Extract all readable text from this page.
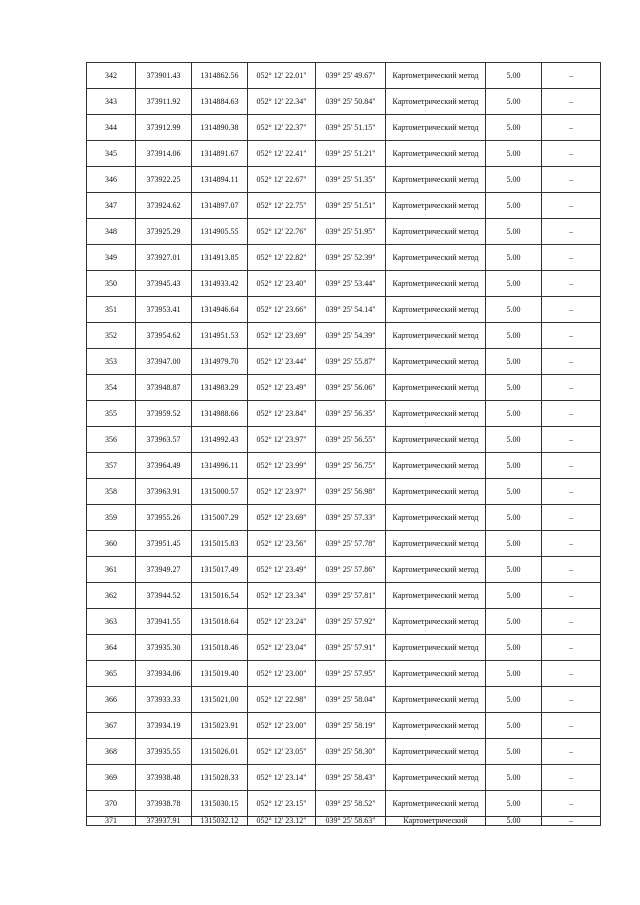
342	373901.43	1314862.56	052° 12' 22.01"	039° 25' 49.67"	Картометрический метод	5.00	–
343	373911.92	1314884.63	052° 12' 22.34"	039° 25' 50.84"	Картометрический метод	5.00	–
344	373912.99	1314890.38	052° 12' 22.37"	039° 25' 51.15"	Картометрический метод	5.00	–
345	373914.06	1314891.67	052° 12' 22.41"	039° 25' 51.21"	Картометрический метод	5.00	–
346	373922.25	1314894.11	052° 12' 22.67"	039° 25' 51.35"	Картометрический метод	5.00	–
347	373924.62	1314897.07	052° 12' 22.75"	039° 25' 51.51"	Картометрический метод	5.00	–
348	373925.29	1314905.55	052° 12' 22.76"	039° 25' 51.95"	Картометрический метод	5.00	–
349	373927.01	1314913.85	052° 12' 22.82"	039° 25' 52.39"	Картометрический метод	5.00	–
350	373945.43	1314933.42	052° 12' 23.40"	039° 25' 53.44"	Картометрический метод	5.00	–
351	373953.41	1314946.64	052° 12' 23.66"	039° 25' 54.14"	Картометрический метод	5.00	–
352	373954.62	1314951.53	052° 12' 23.69"	039° 25' 54.39"	Картометрический метод	5.00	–
353	373947.00	1314979.70	052° 12' 23.44"	039° 25' 55.87"	Картометрический метод	5.00	–
354	373948.87	1314983.29	052° 12' 23.49"	039° 25' 56.06"	Картометрический метод	5.00	–
355	373959.52	1314988.66	052° 12' 23.84"	039° 25' 56.35"	Картометрический метод	5.00	–
356	373963.57	1314992.43	052° 12' 23.97"	039° 25' 56.55"	Картометрический метод	5.00	–
357	373964.49	1314996.11	052° 12' 23.99"	039° 25' 56.75"	Картометрический метод	5.00	–
358	373963.91	1315000.57	052° 12' 23.97"	039° 25' 56.98"	Картометрический метод	5.00	–
359	373955.26	1315007.29	052° 12' 23.69"	039° 25' 57.33"	Картометрический метод	5.00	–
360	373951.45	1315015.83	052° 12' 23.56"	039° 25' 57.78"	Картометрический метод	5.00	–
361	373949.27	1315017.49	052° 12' 23.49"	039° 25' 57.86"	Картометрический метод	5.00	–
362	373944.52	1315016.54	052° 12' 23.34"	039° 25' 57.81"	Картометрический метод	5.00	–
363	373941.55	1315018.64	052° 12' 23.24"	039° 25' 57.92"	Картометрический метод	5.00	–
364	373935.30	1315018.46	052° 12' 23.04"	039° 25' 57.91"	Картометрический метод	5.00	–
365	373934.06	1315019.40	052° 12' 23.00"	039° 25' 57.95"	Картометрический метод	5.00	–
366	373933.33	1315021.00	052° 12' 22.98"	039° 25' 58.04"	Картометрический метод	5.00	–
367	373934.19	1315023.91	052° 12' 23.00"	039° 25' 58.19"	Картометрический метод	5.00	–
368	373935.55	1315026.01	052° 12' 23.05"	039° 25' 58.30"	Картометрический метод	5.00	–
369	373938.48	1315028.33	052° 12' 23.14"	039° 25' 58.43"	Картометрический метод	5.00	–
370	373938.78	1315030.15	052° 12' 23.15"	039° 25' 58.52"	Картометрический метод	5.00	–
371	373937.91	1315032.12	052° 12' 23.12"	039° 25' 58.63"	Картометрический	5.00	–
